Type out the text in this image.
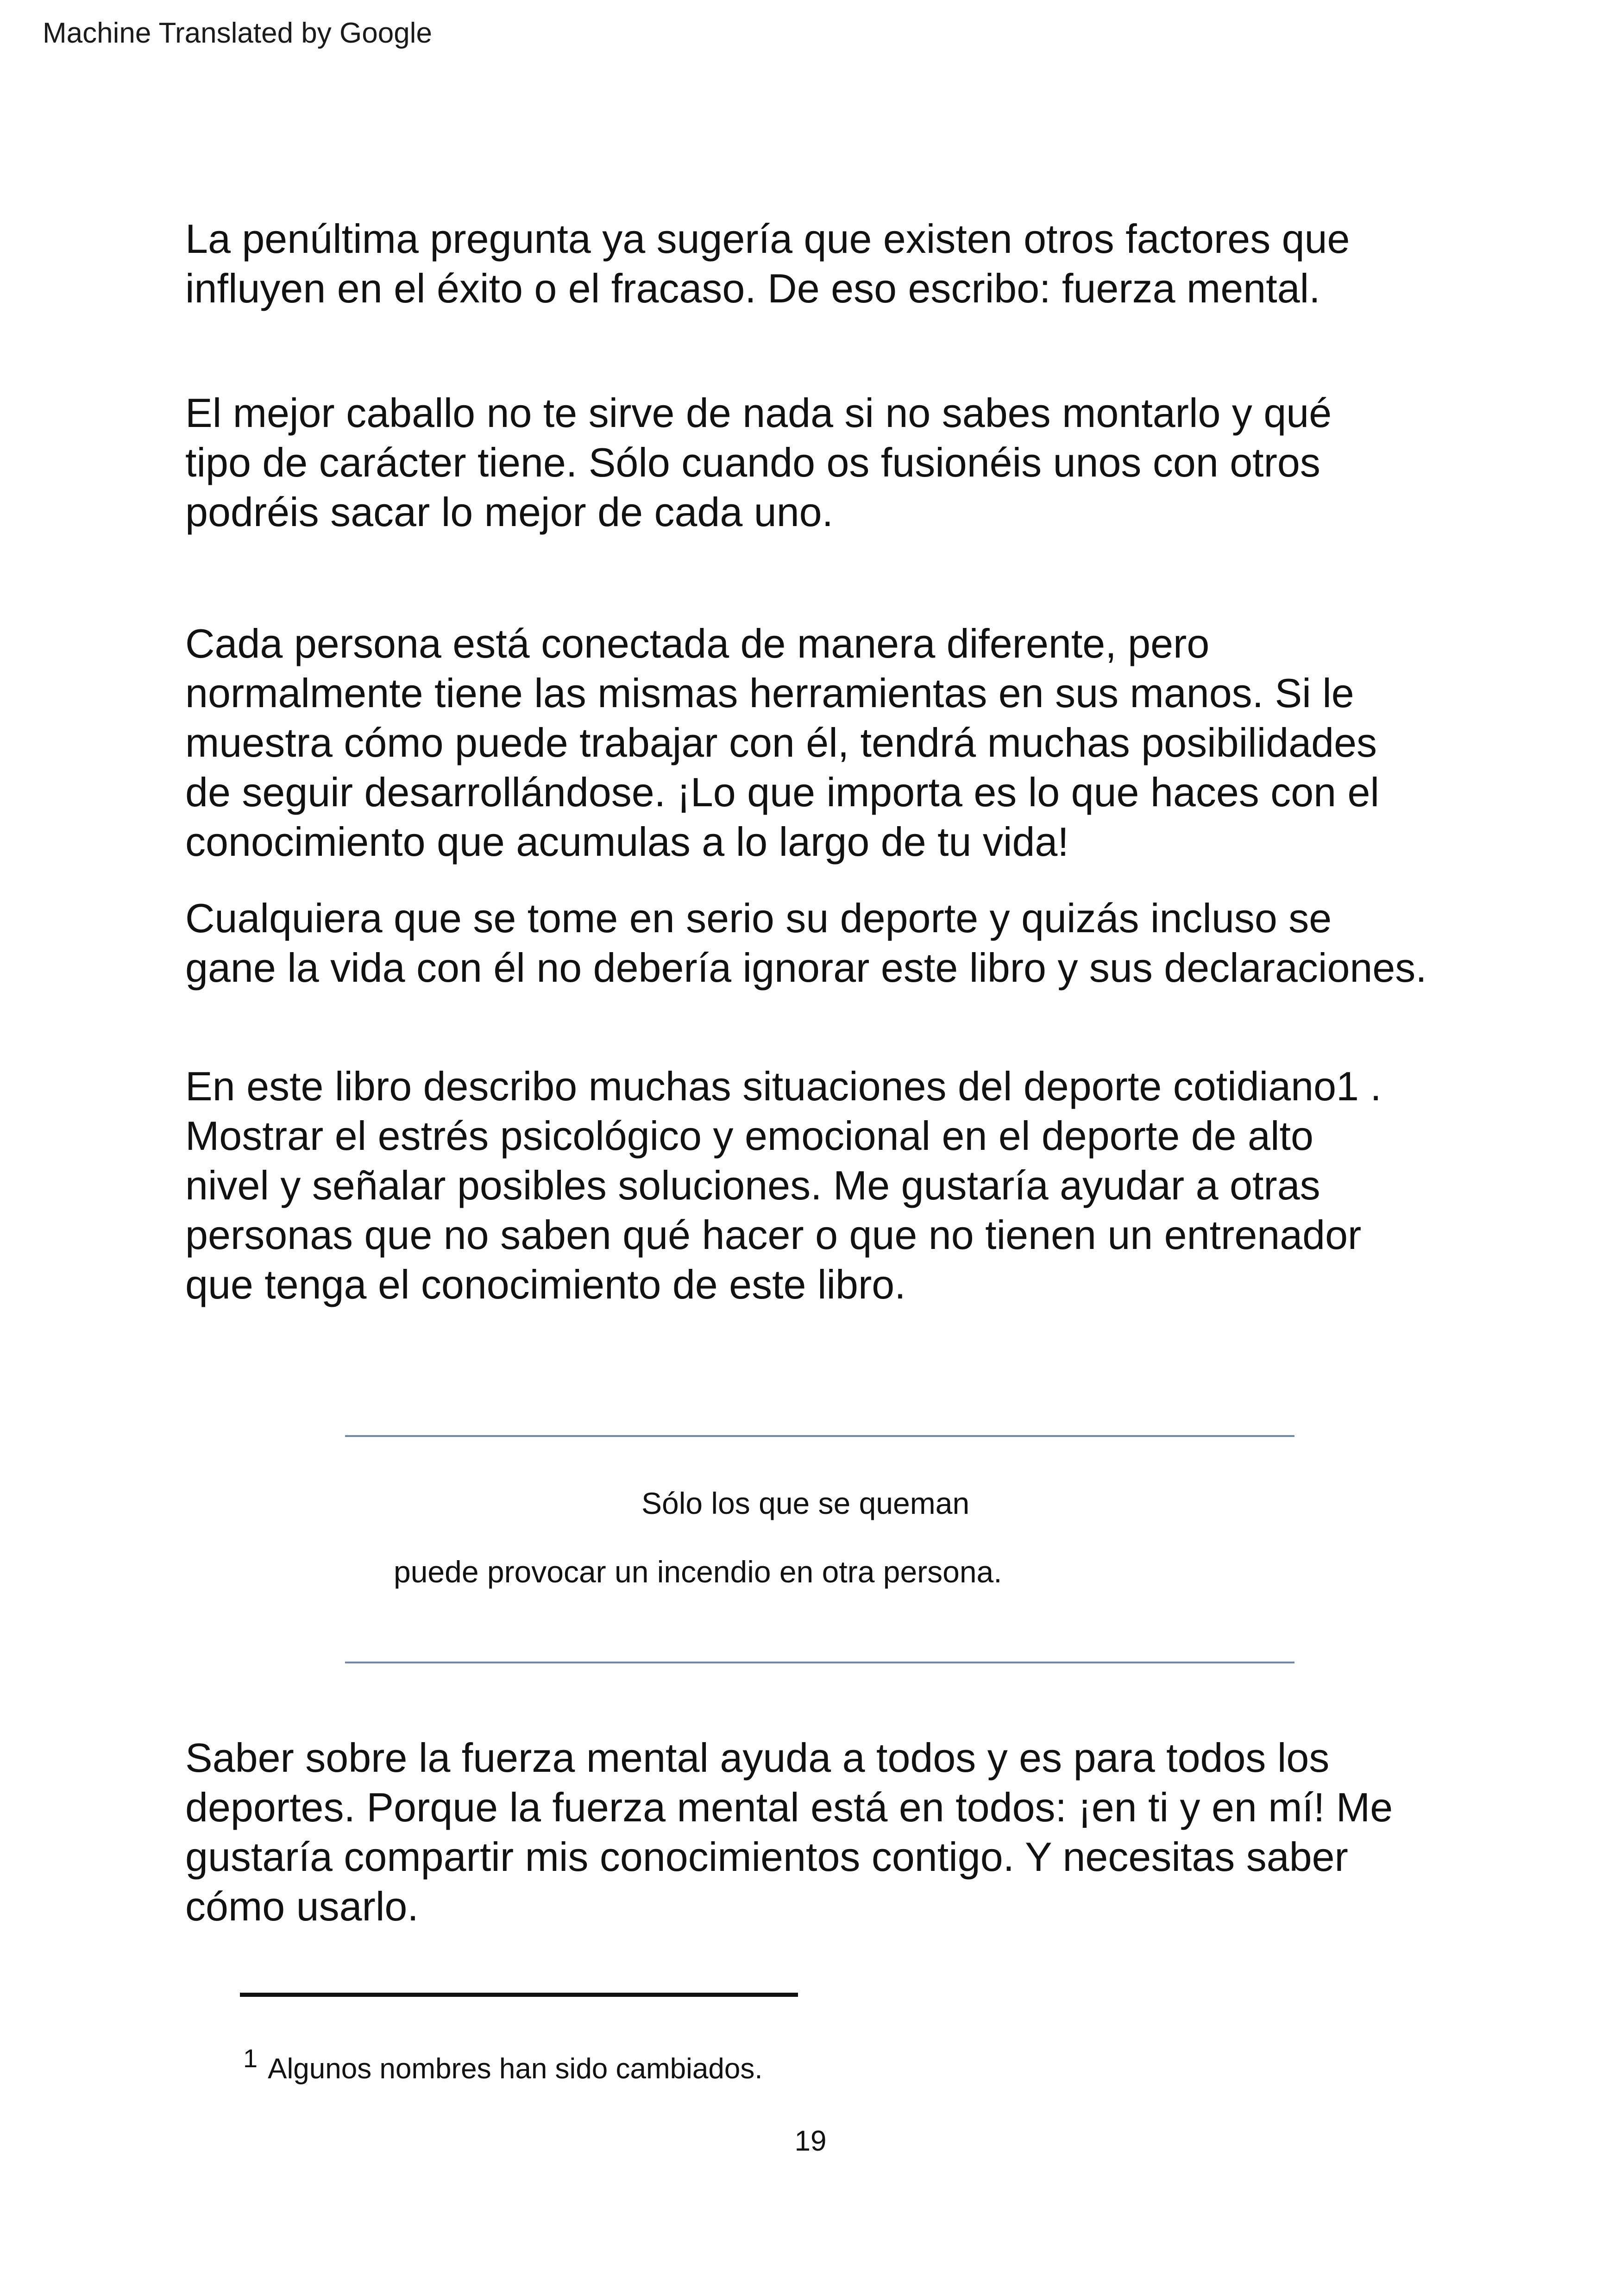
Machine Translated by Google
La penúltima pregunta ya sugería que existen otros factores que
influyen en el éxito o el fracaso. De eso escribo: fuerza mental.
El mejor caballo no te sirve de nada si no sabes montarlo y qué
tipo de carácter tiene. Sólo cuando os fusionéis unos con otros
podréis sacar lo mejor de cada uno.
Cada persona está conectada de manera diferente, pero
normalmente tiene las mismas herramientas en sus manos. Si le
muestra cómo puede trabajar con él, tendrá muchas posibilidades
de seguir desarrollándose. ¡Lo que importa es lo que haces con el
conocimiento que acumulas a lo largo de tu vida!
Cualquiera que se tome en serio su deporte y quizás incluso se
gane la vida con él no debería ignorar este libro y sus declaraciones.
En este libro describo muchas situaciones del deporte cotidiano1 .
Mostrar el estrés psicológico y emocional en el deporte de alto
nivel y señalar posibles soluciones. Me gustaría ayudar a otras
personas que no saben qué hacer o que no tienen un entrenador
que tenga el conocimiento de este libro.
Sólo los que se queman
puede provocar un incendio en otra persona.
Saber sobre la fuerza mental ayuda a todos y es para todos los
deportes. Porque la fuerza mental está en todos: ¡en ti y en mí! Me
gustaría compartir mis conocimientos contigo. Y necesitas saber
cómo usarlo.
1 Algunos nombres han sido cambiados.
19
